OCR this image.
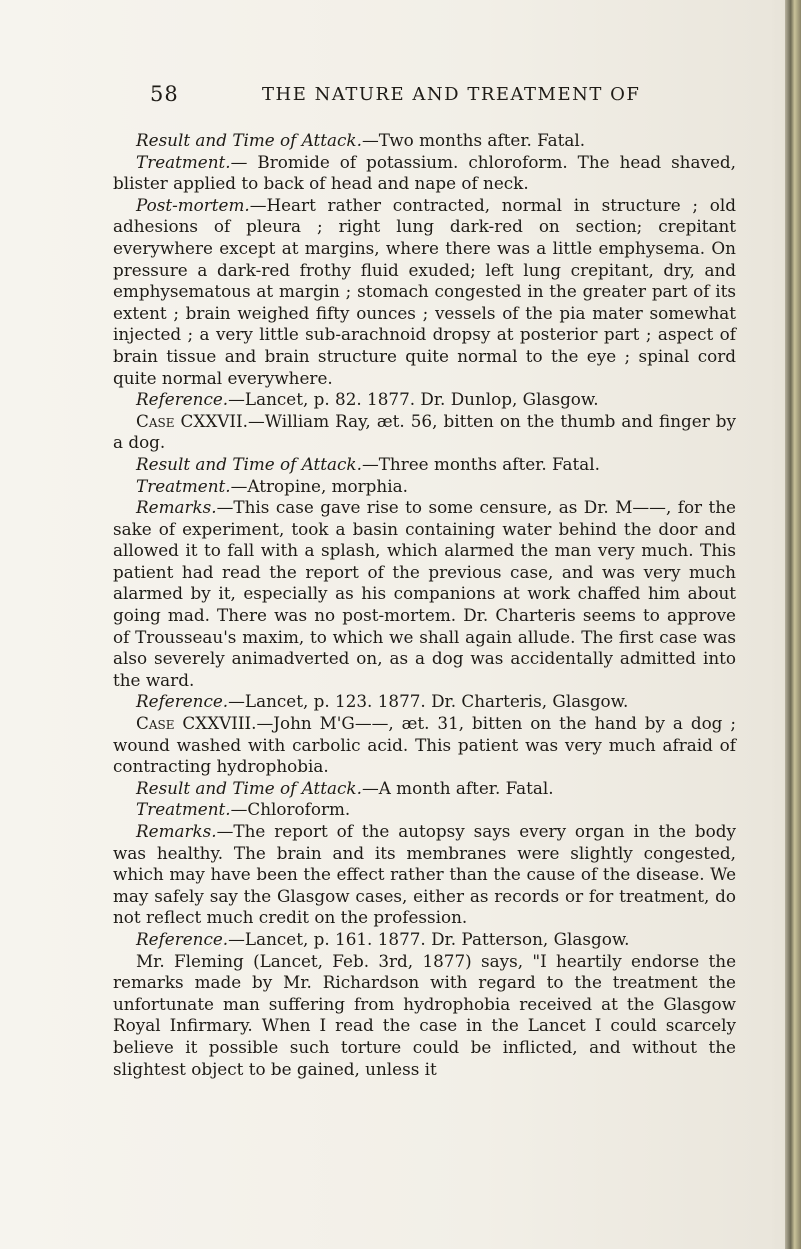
58	THE NATURE AND TREATMENT OF

Result and Time of Attack.—Two months after. Fatal.

Treatment.— Bromide of potassium. chloroform. The head shaved, blister applied to back of head and nape of neck.

Post-mortem.—Heart rather contracted, normal in structure ; old adhesions of pleura ; right lung dark-red on section; crepitant everywhere except at margins, where there was a little emphysema. On pressure a dark-red frothy fluid exuded; left lung crepitant, dry, and emphysematous at margin ; stomach congested in the greater part of its extent ; brain weighed fifty ounces ; vessels of the pia mater somewhat injected ; a very little sub-arachnoid dropsy at posterior part ; aspect of brain tissue and brain structure quite normal to the eye ; spinal cord quite normal everywhere.

Reference.—Lancet, p. 82. 1877. Dr. Dunlop, Glasgow.

Case CXXVII.—William Ray, æt. 56, bitten on the thumb and finger by a dog.

Result and Time of Attack.—Three months after. Fatal.

Treatment.—Atropine, morphia.

Remarks.—This case gave rise to some censure, as Dr. M——, for the sake of experiment, took a basin containing water behind the door and allowed it to fall with a splash, which alarmed the man very much. This patient had read the report of the previous case, and was very much alarmed by it, especially as his companions at work chaffed him about going mad. There was no post-mortem. Dr. Charteris seems to approve of Trousseau's maxim, to which we shall again allude. The first case was also severely animadverted on, as a dog was accidentally admitted into the ward.

Reference.—Lancet, p. 123. 1877. Dr. Charteris, Glasgow.

Case CXXVIII.—John M'G——, æt. 31, bitten on the hand by a dog ; wound washed with carbolic acid. This patient was very much afraid of contracting hydrophobia.

Result and Time of Attack.—A month after. Fatal.

Treatment.—Chloroform.

Remarks.—The report of the autopsy says every organ in the body was healthy. The brain and its membranes were slightly congested, which may have been the effect rather than the cause of the disease. We may safely say the Glasgow cases, either as records or for treatment, do not reflect much credit on the profession.

Reference.—Lancet, p. 161. 1877. Dr. Patterson, Glasgow.

Mr. Fleming (Lancet, Feb. 3rd, 1877) says, "I heartily endorse the remarks made by Mr. Richardson with regard to the treatment the unfortunate man suffering from hydrophobia received at the Glasgow Royal Infirmary. When I read the case in the Lancet I could scarcely believe it possible such torture could be inflicted, and without the slightest object to be gained, unless it
